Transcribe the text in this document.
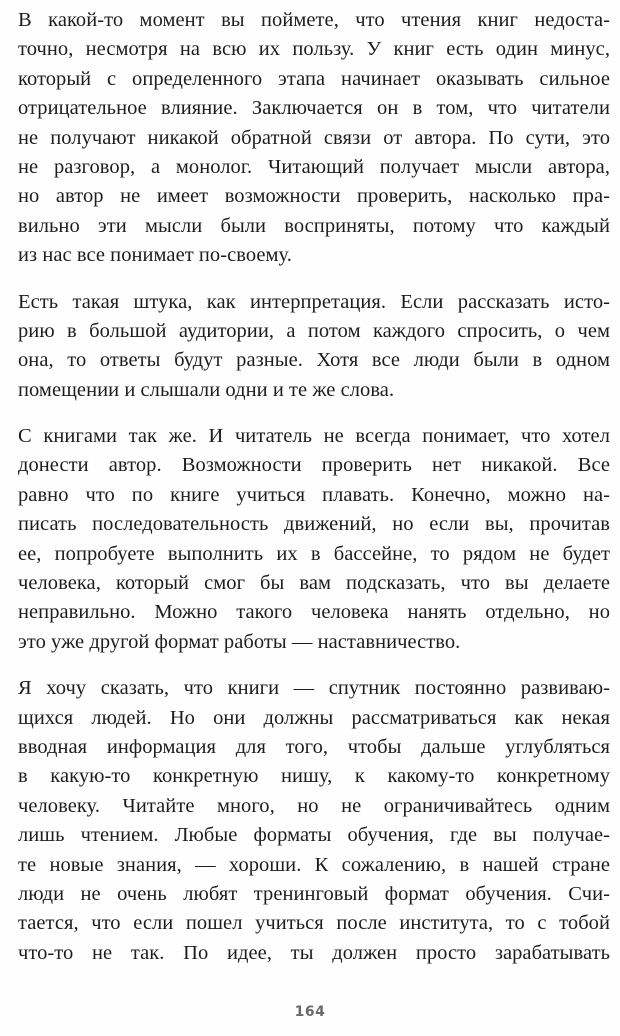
В какой-то момент вы поймете, что чтения книг недоста-
точно, несмотря на всю их пользу. У книг есть один минус,
который с определенного этапа начинает оказывать сильное
отрицательное влияние. Заключается он в том, что читатели
не получают никакой обратной связи от автора. По сути, это
не разговор, а монолог. Читающий получает мысли автора,
но автор не имеет возможности проверить, насколько пра-
вильно эти мысли были восприняты, потому что каждый
из нас все понимает по-своему.

Есть такая штука, как интерпретация. Если рассказать исто-
рию в большой аудитории, а потом каждого спросить, о чем
она, то ответы будут разные. Хотя все люди были в одном
помещении и слышали одни и те же слова.

С книгами так же. И читатель не всегда понимает, что хотел
донести автор. Возможности проверить нет никакой. Все
равно что по книге учиться плавать. Конечно, можно на-
писать последовательность движений, но если вы, прочитав
ее, попробуете выполнить их в бассейне, то рядом не будет
человека, который смог бы вам подсказать, что вы делаете
неправильно. Можно такого человека нанять отдельно, но
это уже другой формат работы — наставничество.

Я хочу сказать, что книги — спутник постоянно развиваю-
щихся людей. Но они должны рассматриваться как некая
вводная информация для того, чтобы дальше углубляться
в какую-то конкретную нишу, к какому-то конкретному
человеку. Читайте много, но не ограничивайтесь одним
лишь чтением. Любые форматы обучения, где вы получае-
те новые знания, — хороши. К сожалению, в нашей стране
люди не очень любят тренинговый формат обучения. Счи-
тается, что если пошел учиться после института, то с тобой
что-то не так. По идее, ты должен просто зарабатывать

164
